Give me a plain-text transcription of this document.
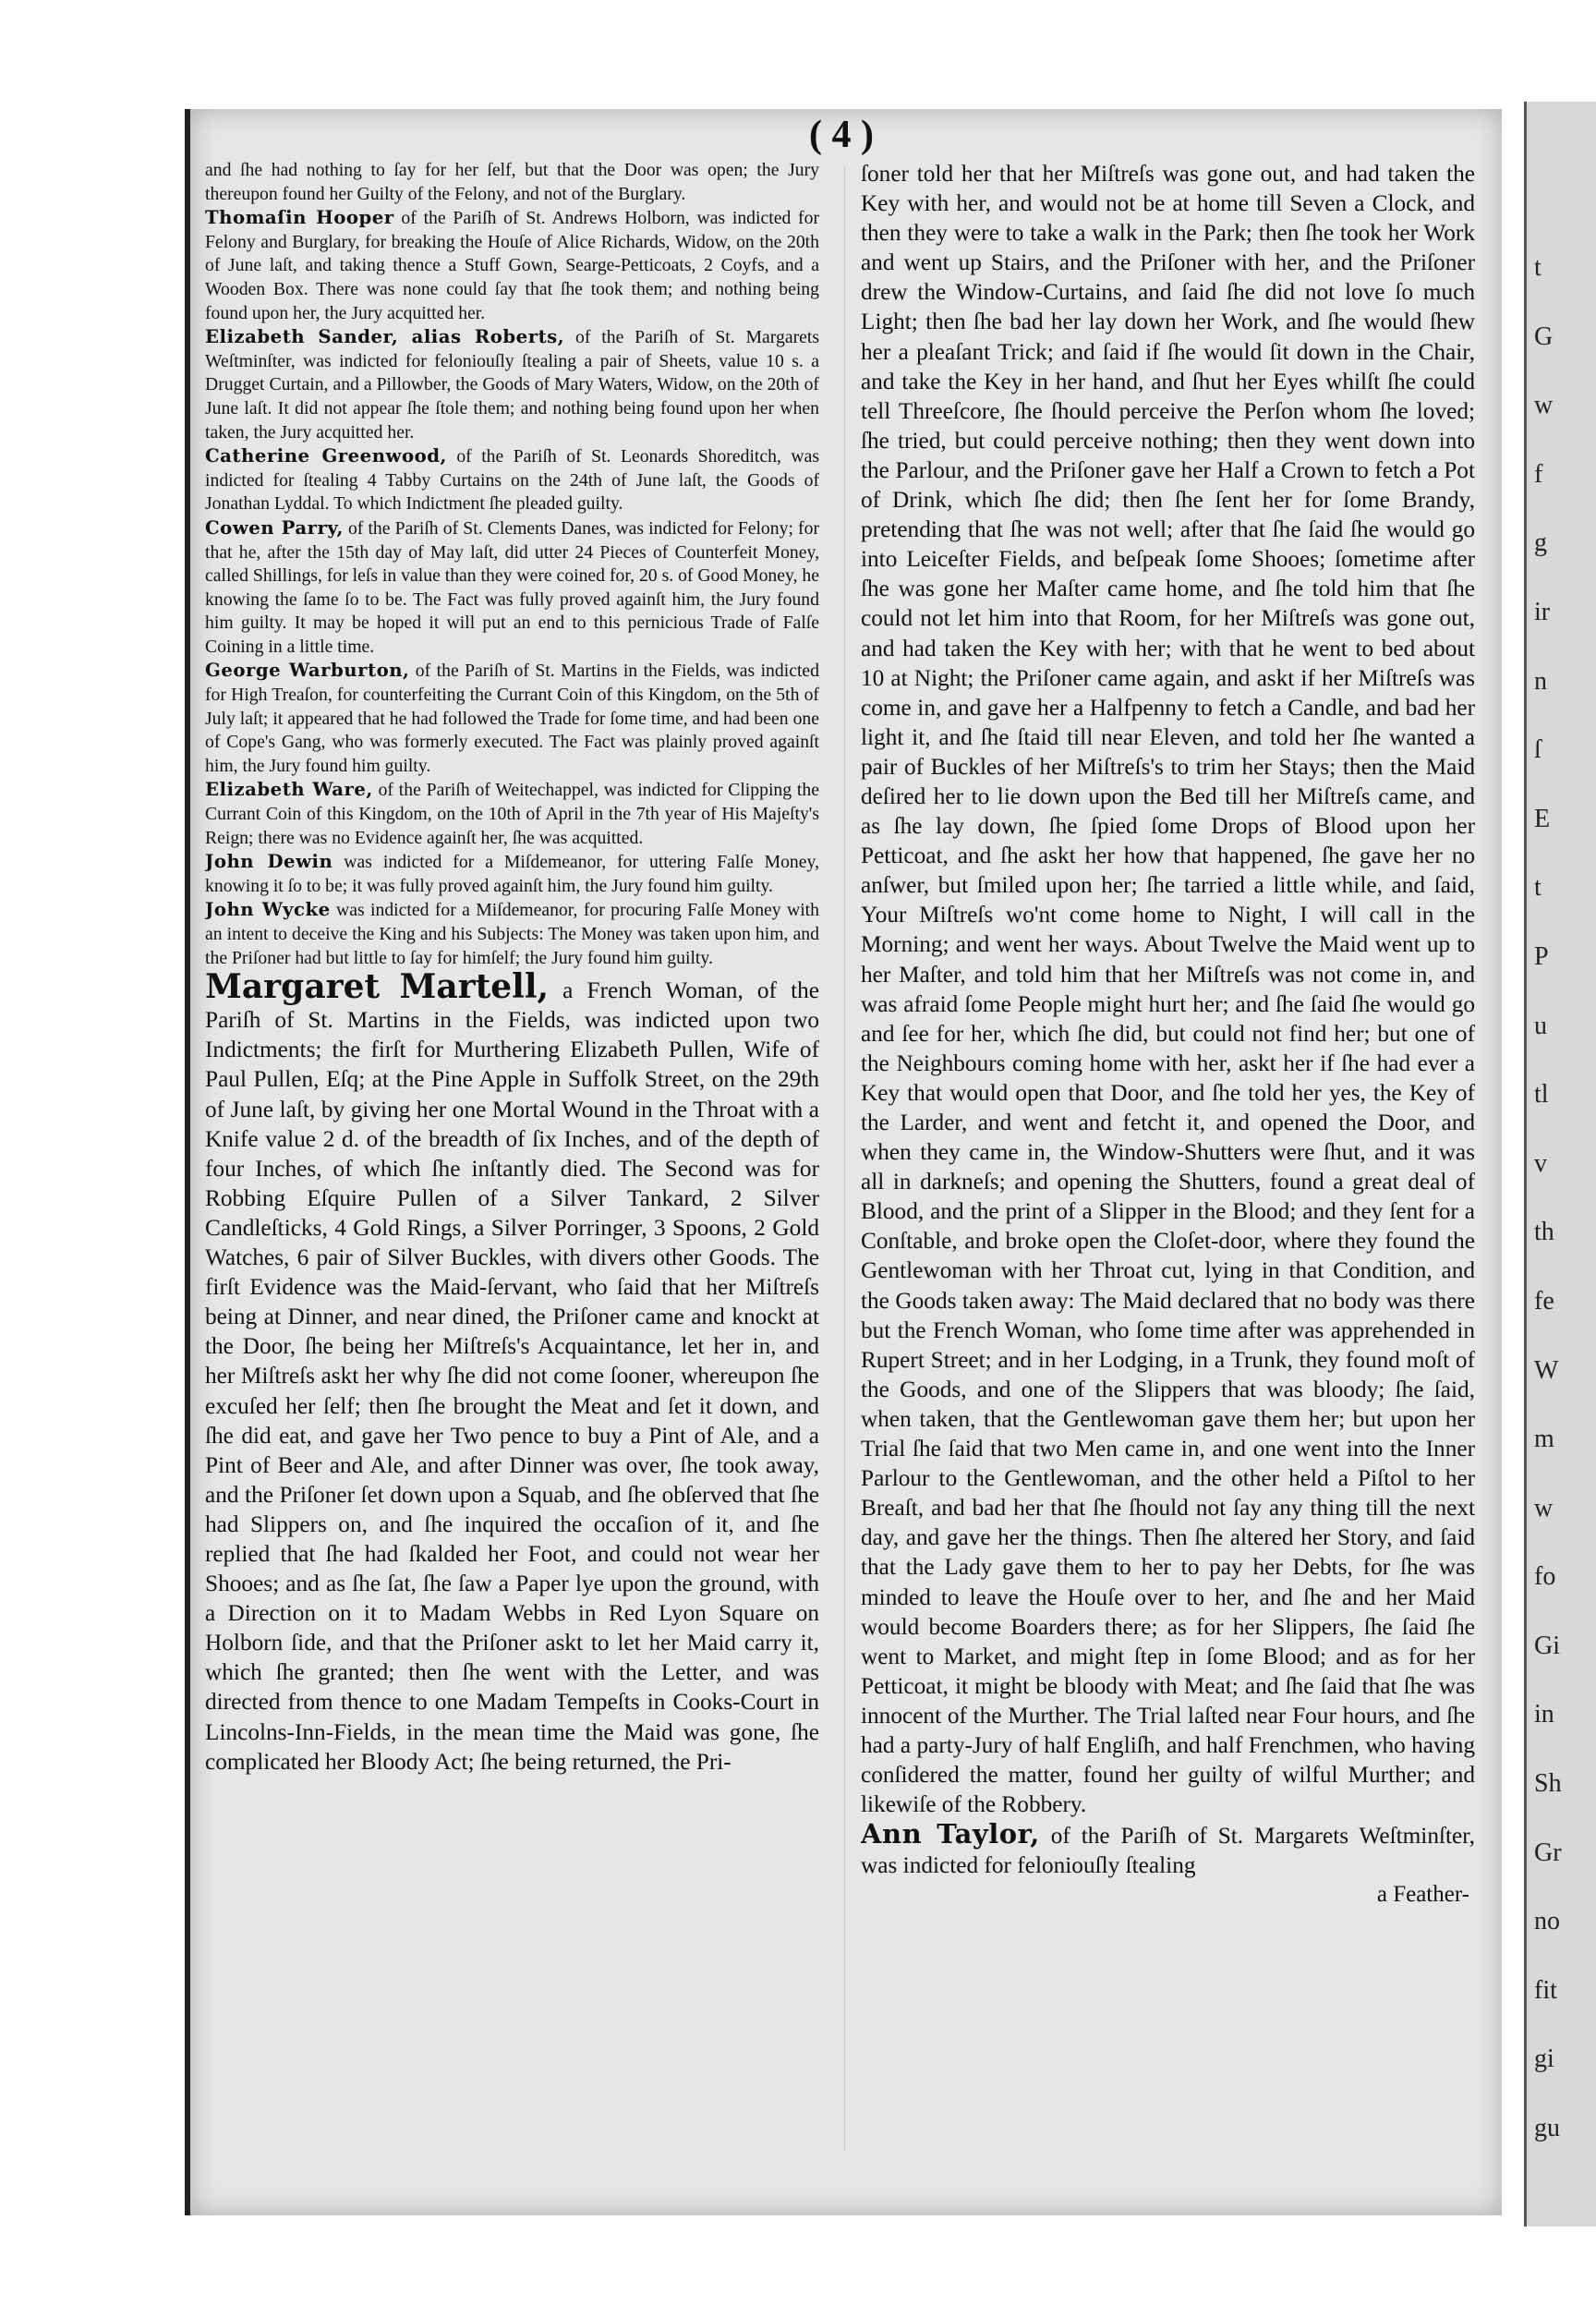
t
G
w
f
g
ir
n
ſ
E
t
P
u
tl
v
th
fe
W
m
w
fo
Gi
in
Sh
Gr
no
fit
gi
gu
( 4 )

and ſhe had nothing to ſay for her ſelf, but that the Door was open; the Jury thereupon found her Guilty of the Felony, and not of the Burglary.

Thomaſin Hooper of the Pariſh of St. Andrews Holborn, was indicted for Felony and Burglary, for breaking the Houſe of Alice Richards, Widow, on the 20th of June laſt, and taking thence a Stuff Gown, Searge-Petticoats, 2 Coyfs, and a Wooden Box. There was none could ſay that ſhe took them; and nothing being found upon her, the Jury acquitted her.

Elizabeth Sander, alias Roberts, of the Pariſh of St. Margarets Weſtminſter, was indicted for feloniouſly ſtealing a pair of Sheets, value 10 s. a Drugget Curtain, and a Pillowber, the Goods of Mary Waters, Widow, on the 20th of June laſt. It did not appear ſhe ſtole them; and nothing being found upon her when taken, the Jury acquitted her.

Catherine Greenwood, of the Pariſh of St. Leonards Shoreditch, was indicted for ſtealing 4 Tabby Curtains on the 24th of June laſt, the Goods of Jonathan Lyddal. To which Indictment ſhe pleaded guilty.

Cowen Parry, of the Pariſh of St. Clements Danes, was indicted for Felony; for that he, after the 15th day of May laſt, did utter 24 Pieces of Counterfeit Money, called Shillings, for leſs in value than they were coined for, 20 s. of Good Money, he knowing the ſame ſo to be. The Fact was fully proved againſt him, the Jury found him guilty. It may be hoped it will put an end to this pernicious Trade of Falſe Coining in a little time.

George Warburton, of the Pariſh of St. Martins in the Fields, was indicted for High Treaſon, for counterfeiting the Currant Coin of this Kingdom, on the 5th of July laſt; it appeared that he had followed the Trade for ſome time, and had been one of Cope's Gang, who was formerly executed. The Fact was plainly proved againſt him, the Jury found him guilty.

Elizabeth Ware, of the Pariſh of Weitechappel, was indicted for Clipping the Currant Coin of this Kingdom, on the 10th of April in the 7th year of His Majeſty's Reign; there was no Evidence againſt her, ſhe was acquitted.

John Dewin was indicted for a Miſdemeanor, for uttering Falſe Money, knowing it ſo to be; it was fully proved againſt him, the Jury found him guilty.

John Wycke was indicted for a Miſdemeanor, for procuring Falſe Money with an intent to deceive the King and his Subjects: The Money was taken upon him, and the Priſoner had but little to ſay for himſelf; the Jury found him guilty.

Margaret Martell, a French Woman, of the Pariſh of St. Martins in the Fields, was indicted upon two Indictments; the firſt for Murthering Elizabeth Pullen, Wife of Paul Pullen, Eſq; at the Pine Apple in Suffolk Street, on the 29th of June laſt, by giving her one Mortal Wound in the Throat with a Knife value 2 d. of the breadth of ſix Inches, and of the depth of four Inches, of which ſhe inſtantly died. The Second was for Robbing Eſquire Pullen of a Silver Tankard, 2 Silver Candleſticks, 4 Gold Rings, a Silver Porringer, 3 Spoons, 2 Gold Watches, 6 pair of Silver Buckles, with divers other Goods. The firſt Evidence was the Maid-ſervant, who ſaid that her Miſtreſs being at Dinner, and near dined, the Priſoner came and knockt at the Door, ſhe being her Miſtreſs's Acquaintance, let her in, and her Miſtreſs askt her why ſhe did not come ſooner, whereupon ſhe excuſed her ſelf; then ſhe brought the Meat and ſet it down, and ſhe did eat, and gave her Two pence to buy a Pint of Ale, and a Pint of Beer and Ale, and after Dinner was over, ſhe took away, and the Priſoner ſet down upon a Squab, and ſhe obſerved that ſhe had Slippers on, and ſhe inquired the occaſion of it, and ſhe replied that ſhe had ſkalded her Foot, and could not wear her Shooes; and as ſhe ſat, ſhe ſaw a Paper lye upon the ground, with a Direction on it to Madam Webbs in Red Lyon Square on Holborn ſide, and that the Priſoner askt to let her Maid carry it, which ſhe granted; then ſhe went with the Letter, and was directed from thence to one Madam Tempeſts in Cooks-Court in Lincolns-Inn-Fields, in the mean time the Maid was gone, ſhe complicated her Bloody Act; ſhe being returned, the Pri-

ſoner told her that her Miſtreſs was gone out, and had taken the Key with her, and would not be at home till Seven a Clock, and then they were to take a walk in the Park; then ſhe took her Work and went up Stairs, and the Priſoner with her, and the Priſoner drew the Window-Curtains, and ſaid ſhe did not love ſo much Light; then ſhe bad her lay down her Work, and ſhe would ſhew her a pleaſant Trick; and ſaid if ſhe would ſit down in the Chair, and take the Key in her hand, and ſhut her Eyes whilſt ſhe could tell Threeſcore, ſhe ſhould perceive the Perſon whom ſhe loved; ſhe tried, but could perceive nothing; then they went down into the Parlour, and the Priſoner gave her Half a Crown to fetch a Pot of Drink, which ſhe did; then ſhe ſent her for ſome Brandy, pretending that ſhe was not well; after that ſhe ſaid ſhe would go into Leiceſter Fields, and beſpeak ſome Shooes; ſometime after ſhe was gone her Maſter came home, and ſhe told him that ſhe could not let him into that Room, for her Miſtreſs was gone out, and had taken the Key with her; with that he went to bed about 10 at Night; the Priſoner came again, and askt if her Miſtreſs was come in, and gave her a Halfpenny to fetch a Candle, and bad her light it, and ſhe ſtaid till near Eleven, and told her ſhe wanted a pair of Buckles of her Miſtreſs's to trim her Stays; then the Maid deſired her to lie down upon the Bed till her Miſtreſs came, and as ſhe lay down, ſhe ſpied ſome Drops of Blood upon her Petticoat, and ſhe askt her how that happened, ſhe gave her no anſwer, but ſmiled upon her; ſhe tarried a little while, and ſaid, Your Miſtreſs wo'nt come home to Night, I will call in the Morning; and went her ways. About Twelve the Maid went up to her Maſter, and told him that her Miſtreſs was not come in, and was afraid ſome People might hurt her; and ſhe ſaid ſhe would go and ſee for her, which ſhe did, but could not find her; but one of the Neighbours coming home with her, askt her if ſhe had ever a Key that would open that Door, and ſhe told her yes, the Key of the Larder, and went and fetcht it, and opened the Door, and when they came in, the Window-Shutters were ſhut, and it was all in darkneſs; and opening the Shutters, found a great deal of Blood, and the print of a Slipper in the Blood; and they ſent for a Conſtable, and broke open the Cloſet-door, where they found the Gentlewoman with her Throat cut, lying in that Condition, and the Goods taken away: The Maid declared that no body was there but the French Woman, who ſome time after was apprehended in Rupert Street; and in her Lodging, in a Trunk, they found moſt of the Goods, and one of the Slippers that was bloody; ſhe ſaid, when taken, that the Gentlewoman gave them her; but upon her Trial ſhe ſaid that two Men came in, and one went into the Inner Parlour to the Gentlewoman, and the other held a Piſtol to her Breaſt, and bad her that ſhe ſhould not ſay any thing till the next day, and gave her the things. Then ſhe altered her Story, and ſaid that the Lady gave them to her to pay her Debts, for ſhe was minded to leave the Houſe over to her, and ſhe and her Maid would become Boarders there; as for her Slippers, ſhe ſaid ſhe went to Market, and might ſtep in ſome Blood; and as for her Petticoat, it might be bloody with Meat; and ſhe ſaid that ſhe was innocent of the Murther. The Trial laſted near Four hours, and ſhe had a party-Jury of half Engliſh, and half Frenchmen, who having conſidered the matter, found her guilty of wilful Murther; and likewiſe of the Robbery.

Ann Taylor, of the Pariſh of St. Margarets Weſtminſter, was indicted for feloniouſly ſtealing

a Feather-
